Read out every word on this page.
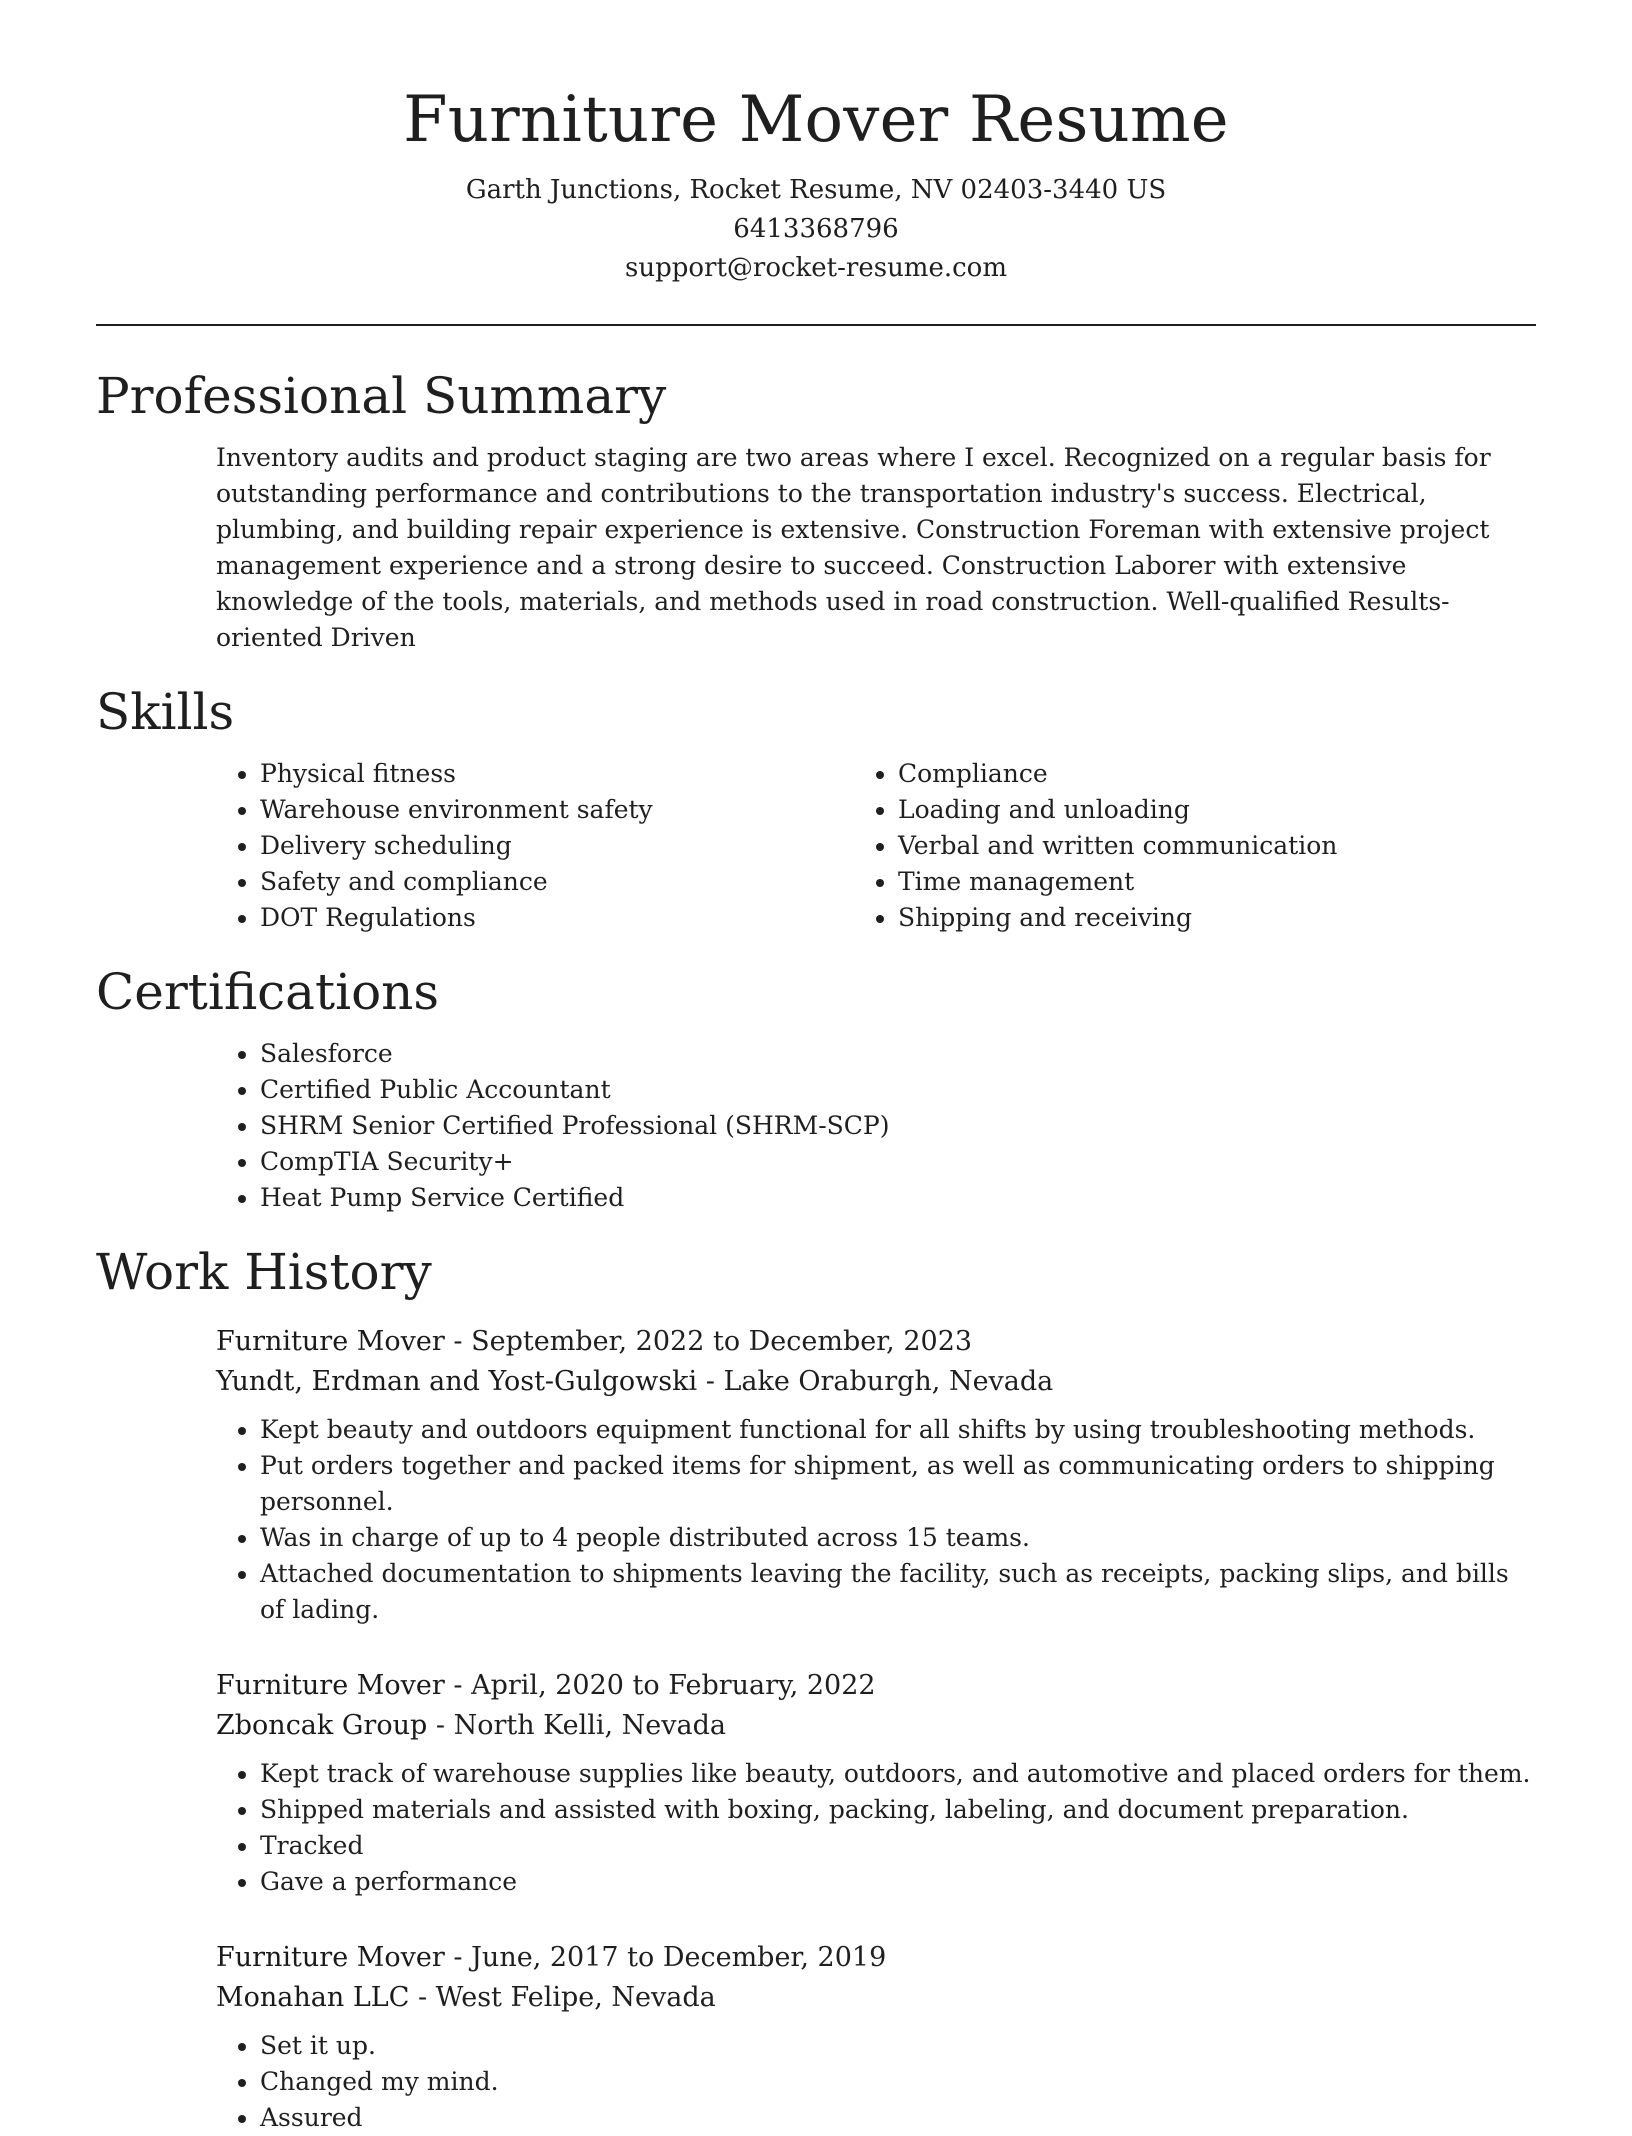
Furniture Mover Resume

Garth Junctions, Rocket Resume, NV 02403-3440 US

6413368796

support@rocket-resume.com

Professional Summary

Inventory audits and product staging are two areas where I excel. Recognized on a regular basis for outstanding performance and contributions to the transportation industry's success. Electrical, plumbing, and building repair experience is extensive. Construction Foreman with extensive project management experience and a strong desire to succeed. Construction Laborer with extensive knowledge of the tools, materials, and methods used in road construction. Well-qualified Results-oriented Driven

Skills
• Physical fitness
• Warehouse environment safety
• Delivery scheduling
• Safety and compliance
• DOT Regulations
• Compliance
• Loading and unloading
• Verbal and written communication
• Time management
• Shipping and receiving
Certifications
• Salesforce
• Certified Public Accountant
• SHRM Senior Certified Professional (SHRM-SCP)
• CompTIA Security+
• Heat Pump Service Certified
Work History

Furniture Mover - September, 2022 to December, 2023

Yundt, Erdman and Yost-Gulgowski - Lake Oraburgh, Nevada

• Kept beauty and outdoors equipment functional for all shifts by using troubleshooting methods.
• Put orders together and packed items for shipment, as well as communicating orders to shipping personnel.
• Was in charge of up to 4 people distributed across 15 teams.
• Attached documentation to shipments leaving the facility, such as receipts, packing slips, and bills of lading.

Furniture Mover - April, 2020 to February, 2022

Zboncak Group - North Kelli, Nevada

• Kept track of warehouse supplies like beauty, outdoors, and automotive and placed orders for them.
• Shipped materials and assisted with boxing, packing, labeling, and document preparation.
• Tracked
• Gave a performance

Furniture Mover - June, 2017 to December, 2019

Monahan LLC - West Felipe, Nevada

• Set it up.
• Changed my mind.
• Assured
